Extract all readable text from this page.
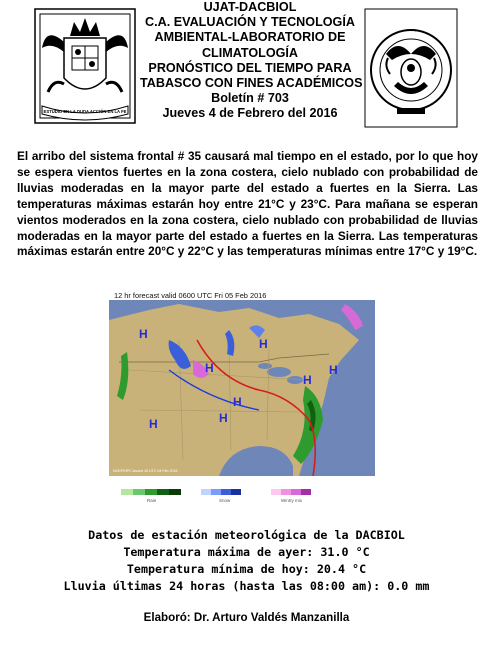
ESTUDIO EN LA DUDA ACCIÓN EN LA FE
UJAT-DACBIOL
C.A. EVALUACIÓN Y TECNOLOGÍA
AMBIENTAL-LABORATORIO DE
CLIMATOLOGÍA
PRONÓSTICO DEL TIEMPO PARA
TABASCO CON FINES ACADÉMICOS
Boletín # 703
Jueves 4 de Febrero del 2016

El arribo del sistema frontal # 35 causará mal tiempo en el estado, por lo que hoy se espera vientos fuertes en la zona costera, cielo nublado con probabilidad de lluvias moderadas en la mayor parte del estado a fuertes en la Sierra. Las temperaturas máximas estarán hoy entre 21°C y 23°C. Para mañana se esperan vientos moderados en la zona costera, cielo nublado con probabilidad de lluvias moderadas en la mayor parte del estado a fuertes en la Sierra. Las temperaturas máximas estarán entre 20°C y 22°C y las temperaturas mínimas entre 17°C y 19°C.

12 hr forecast valid 0600 UTC Fri 05 Feb 2016
H
H
H
H
H	H
H
H
NCEP/HPC issued 16 UTC 04 Feb 2016
Rain	Snow	Wintry mix
Datos de estación meteorológica de la DACBIOL
Temperatura máxima de ayer: 31.0 °C
Temperatura mínima de hoy: 20.4 °C
Lluvia últimas 24 horas (hasta las 08:00 am): 0.0 mm
Elaboró: Dr. Arturo Valdés Manzanilla
